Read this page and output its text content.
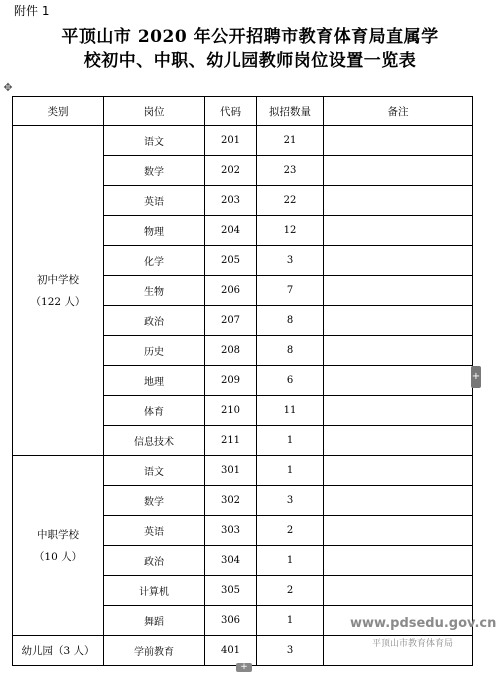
附件 1
平顶山市 2020 年公开招聘市教育体育局直属学
校初中、中职、幼儿园教师岗位设置一览表
✥
类别	岗位	代码	拟招数量	备注

初中学校
（122 人）	语文	201	21	
	数学	202	23	
	英语	203	22	
	物理	204	12	
	化学	205	3	
	生物	206	7	
	政治	207	8	
	历史	208	8	
	地理	209	6	
	体育	210	11	
	信息技术	211	1	

中职学校
（10 人）	语文	301	1	
	数学	302	3	
	英语	303	2	
	政治	304	1	
	计算机	305	2	
	舞蹈	306	1	

幼儿园（3 人）	学前教育	401	3	
+
+
www.pdsedu.gov.cn
平顶山市教育体育局
